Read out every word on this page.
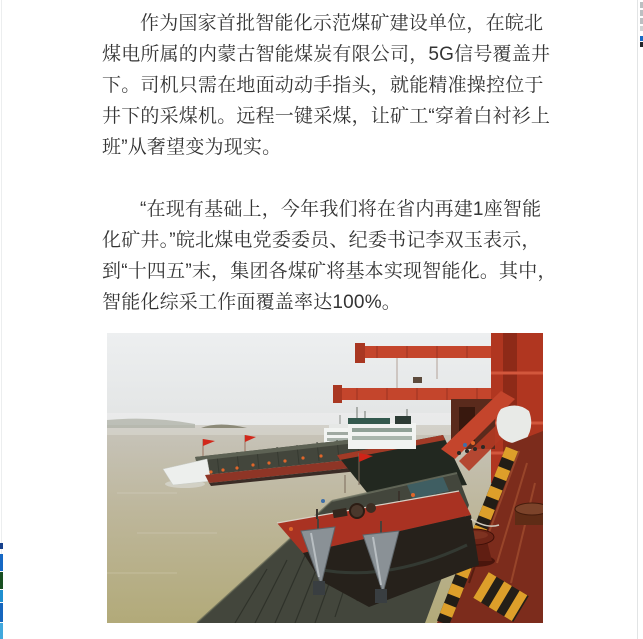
作为国家首批智能化示范煤矿建设单位，在皖北煤电所属的内蒙古智能煤炭有限公司，5G信号覆盖井下。司机只需在地面动动手指头，就能精准操控位于井下的采煤机。远程一键采煤，让矿工“穿着白衬衫上班”从奢望变为现实。

“在现有基础上，今年我们将在省内再建1座智能化矿井。”皖北煤电党委委员、纪委书记李双玉表示，到“十四五”末，集团各煤矿将基本实现智能化。其中，智能化综采工作面覆盖率达100%。
